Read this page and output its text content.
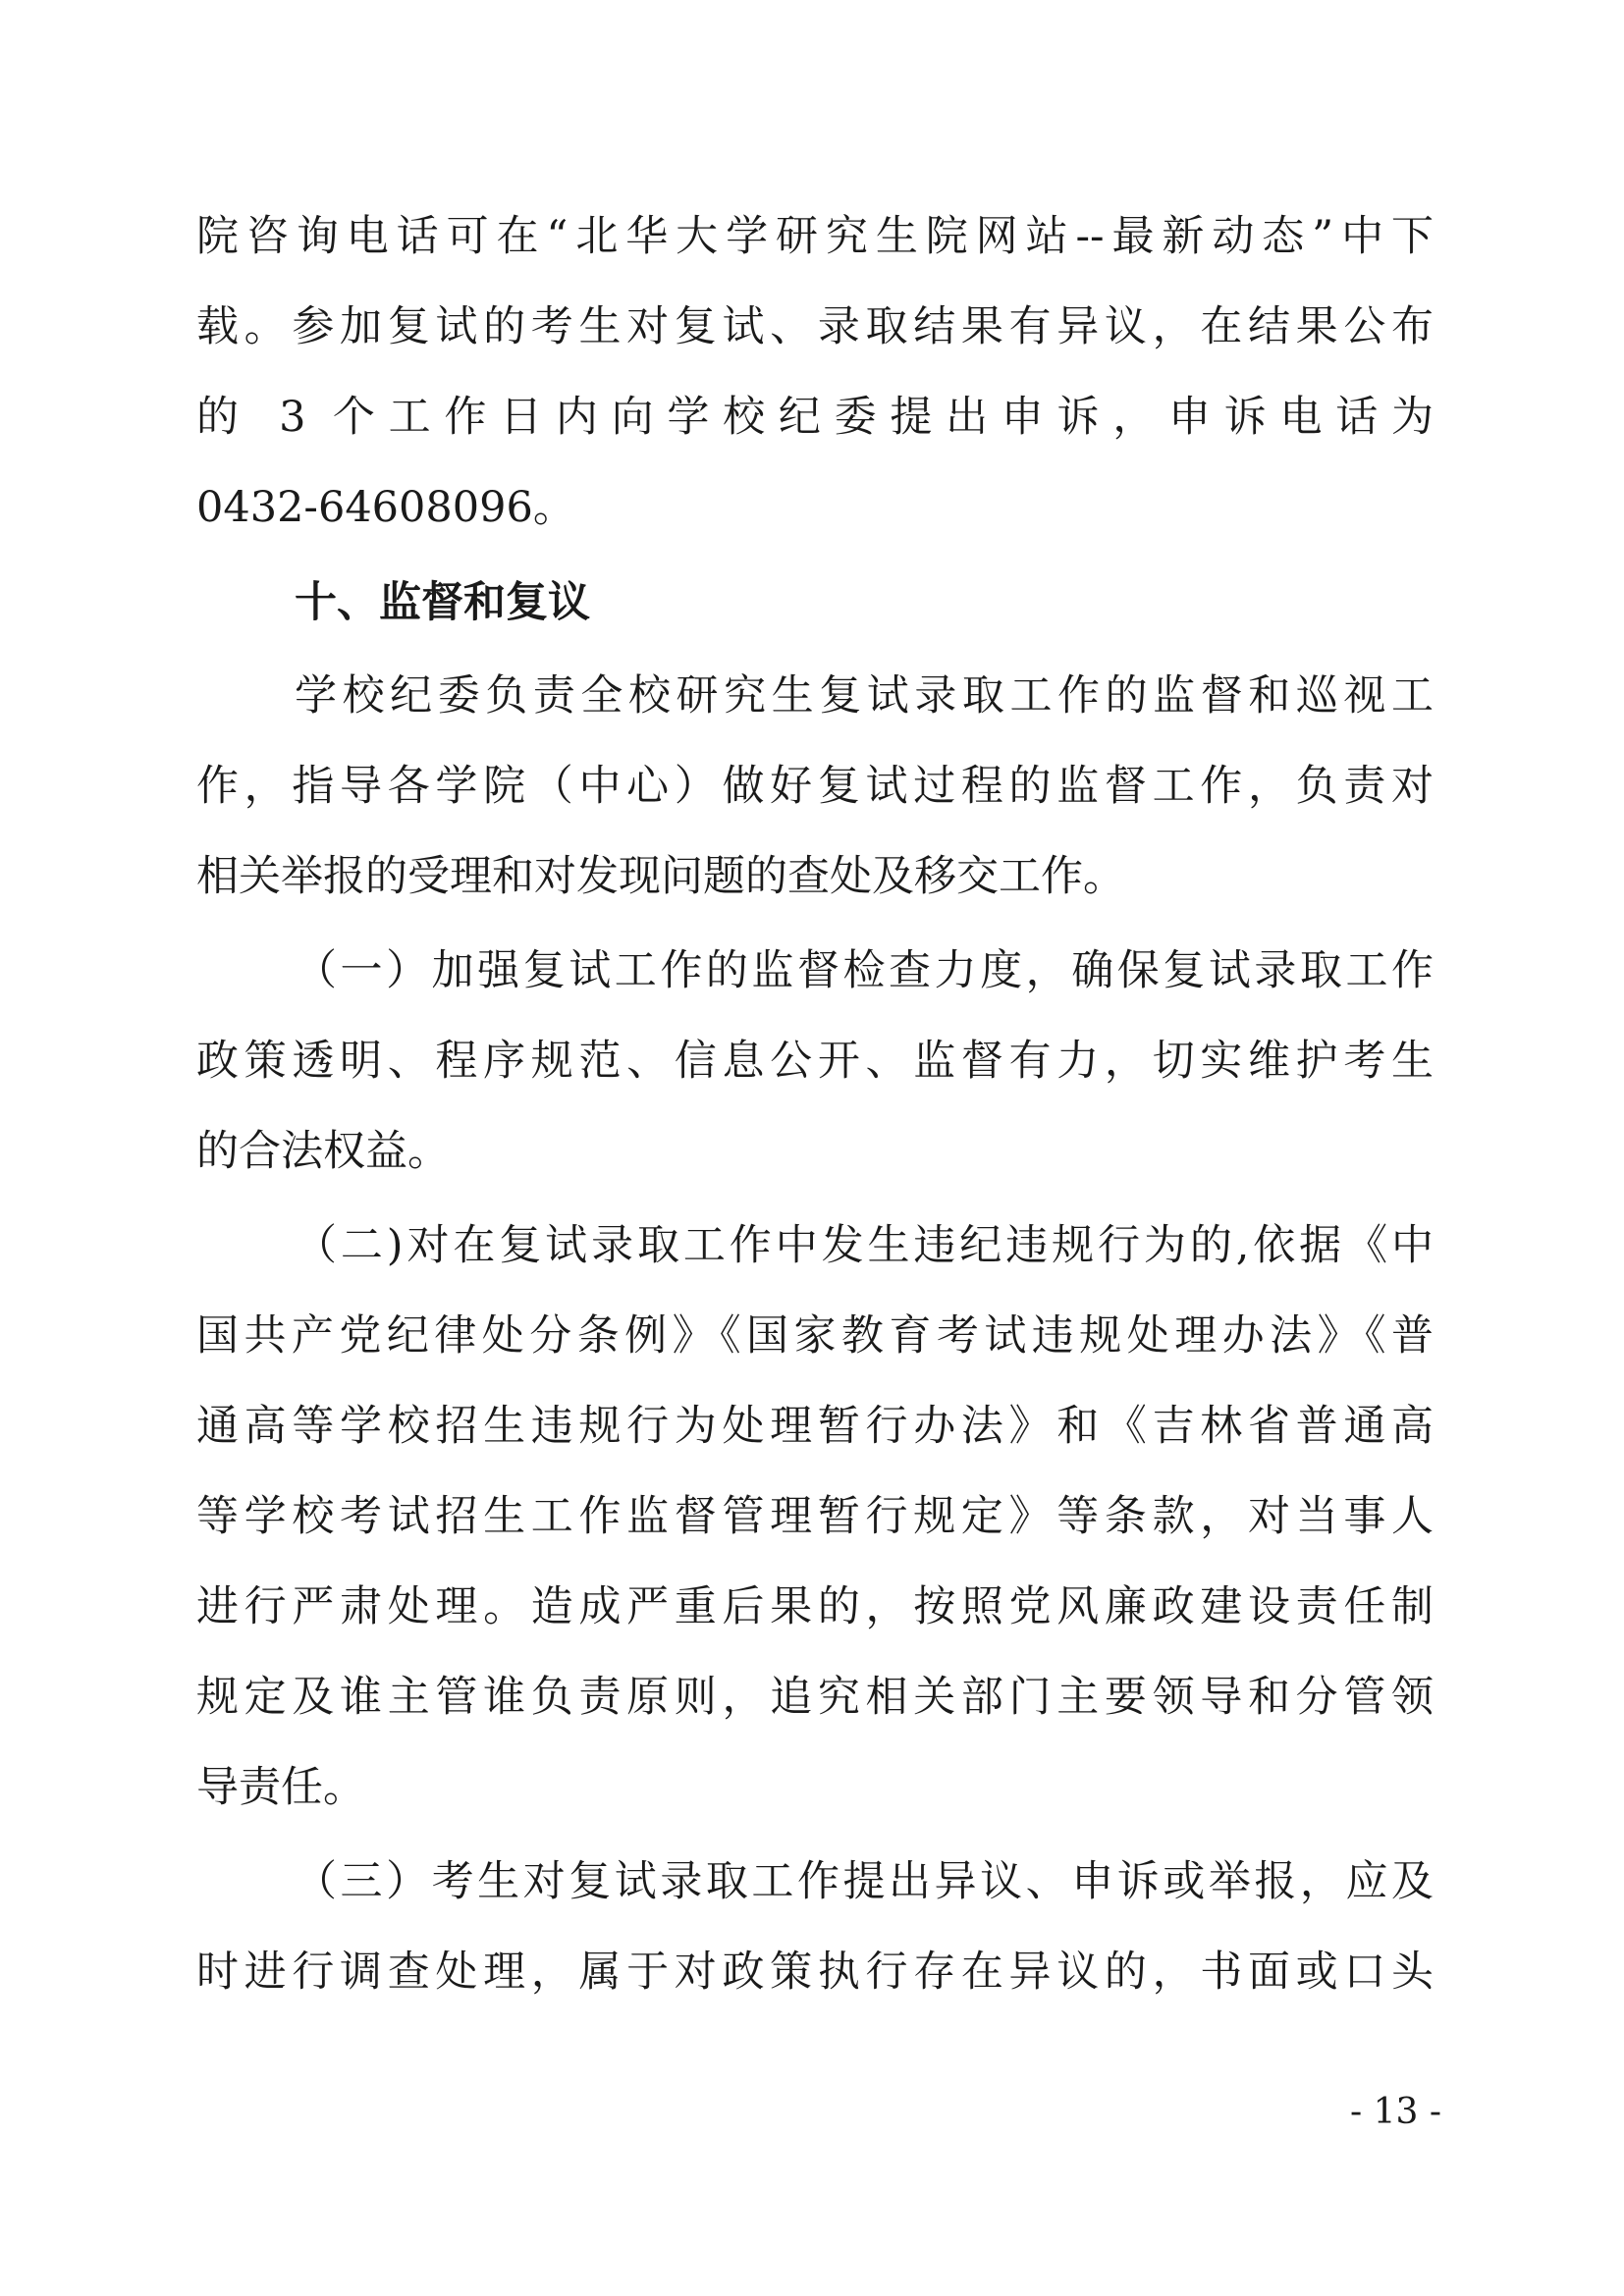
院咨询电话可在“北华大学研究生院网站--最新动态”中下
载。参加复试的考生对复试、录取结果有异议，在结果公布
的 3 个工作日内向学校纪委提出申诉，申诉电话为
0432-64608096。
十、监督和复议
学校纪委负责全校研究生复试录取工作的监督和巡视工
作，指导各学院（中心）做好复试过程的监督工作，负责对
相关举报的受理和对发现问题的查处及移交工作。
（一）加强复试工作的监督检查力度，确保复试录取工作
政策透明、程序规范、信息公开、监督有力，切实维护考生
的合法权益。
（二)对在复试录取工作中发生违纪违规行为的,依据《中
国共产党纪律处分条例》《国家教育考试违规处理办法》《普
通高等学校招生违规行为处理暂行办法》和《吉林省普通高
等学校考试招生工作监督管理暂行规定》等条款，对当事人
进行严肃处理。造成严重后果的，按照党风廉政建设责任制
规定及谁主管谁负责原则，追究相关部门主要领导和分管领
导责任。
（三）考生对复试录取工作提出异议、申诉或举报，应及
时进行调查处理，属于对政策执行存在异议的，书面或口头
- 13 -
